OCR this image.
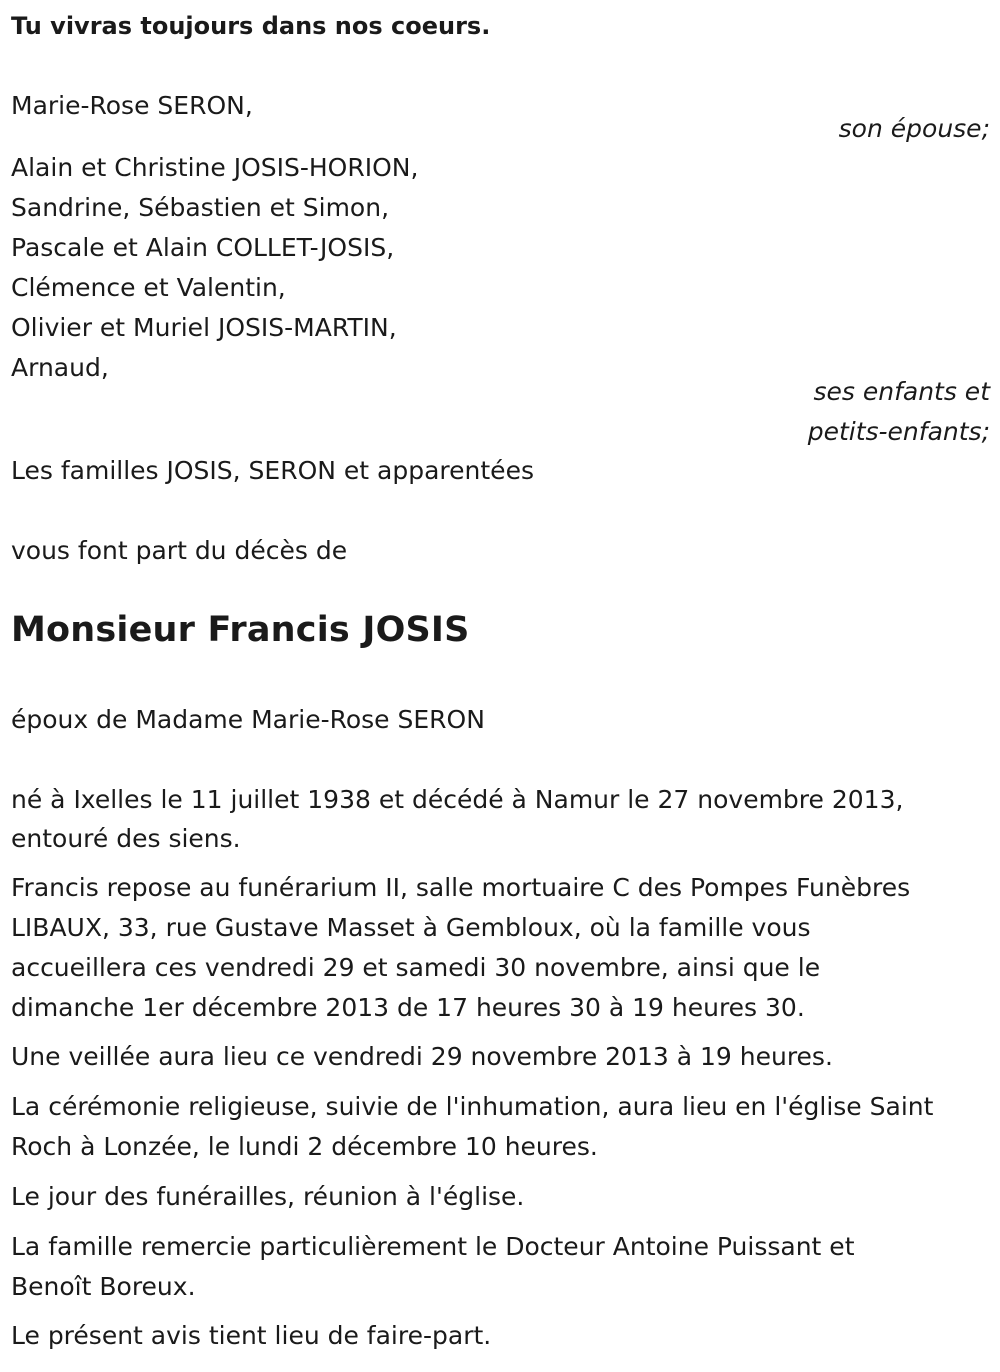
Tu vivras toujours dans nos coeurs.
Marie-Rose SERON,
son épouse;
Alain et Christine JOSIS-HORION,
Sandrine, Sébastien et Simon,
Pascale et Alain COLLET-JOSIS,
Clémence et Valentin,
Olivier et Muriel JOSIS-MARTIN,
Arnaud,
ses enfants et
petits-enfants;
Les familles JOSIS, SERON et apparentées
vous font part du décès de
Monsieur Francis JOSIS
époux de Madame Marie-Rose SERON
né à Ixelles le 11 juillet 1938 et décédé à Namur le 27 novembre 2013,
entouré des siens.
Francis repose au funérarium II, salle mortuaire C des Pompes Funèbres
LIBAUX, 33, rue Gustave Masset à Gembloux, où la famille vous
accueillera ces vendredi 29 et samedi 30 novembre, ainsi que le
dimanche 1er décembre 2013 de 17 heures 30 à 19 heures 30.
Une veillée aura lieu ce vendredi 29 novembre 2013 à 19 heures.
La cérémonie religieuse, suivie de l'inhumation, aura lieu en l'église Saint
Roch à Lonzée, le lundi 2 décembre 10 heures.
Le jour des funérailles, réunion à l'église.
La famille remercie particulièrement le Docteur Antoine Puissant et
Benoît Boreux.
Le présent avis tient lieu de faire-part.
